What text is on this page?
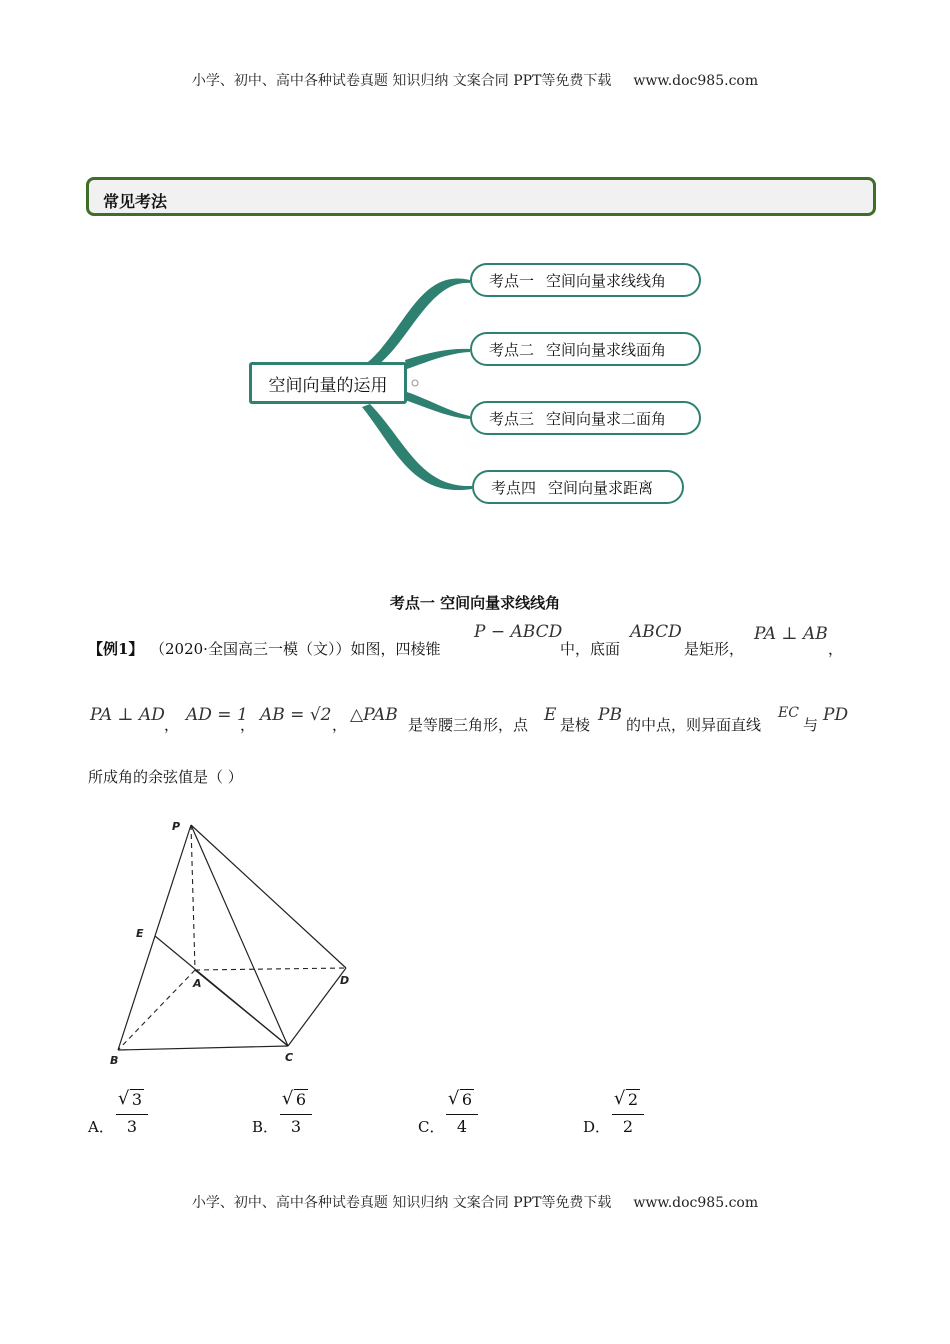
小学、初中、高中各种试卷真题 知识归纳 文案合同 PPT等免费下载 www.doc985.com
常见考法
空间向量的运用
考点一 空间向量求线线角
考点二 空间向量求线面角
考点三 空间向量求二面角
考点四 空间向量求距离
考点一 空间向量求线线角
【例1】 （2020·全国高三一模（文））如图，四棱锥
P − ABCD
中，底面
ABCD
是矩形，
PA ⊥ AB
，
PA ⊥ AD ， AD = 1
， AB = √2 ， △PAB 是等腰三角形，点 E 是棱 PB 的中点，则异面直线
EC
与 PD
所成角的余弦值是（ ）
P
E
A	D
B	C
A．
√ 3
3	B．
√ 6
3	C．
√ 6
4	D．
√ 2
2
小学、初中、高中各种试卷真题 知识归纳 文案合同 PPT等免费下载 www.doc985.com
